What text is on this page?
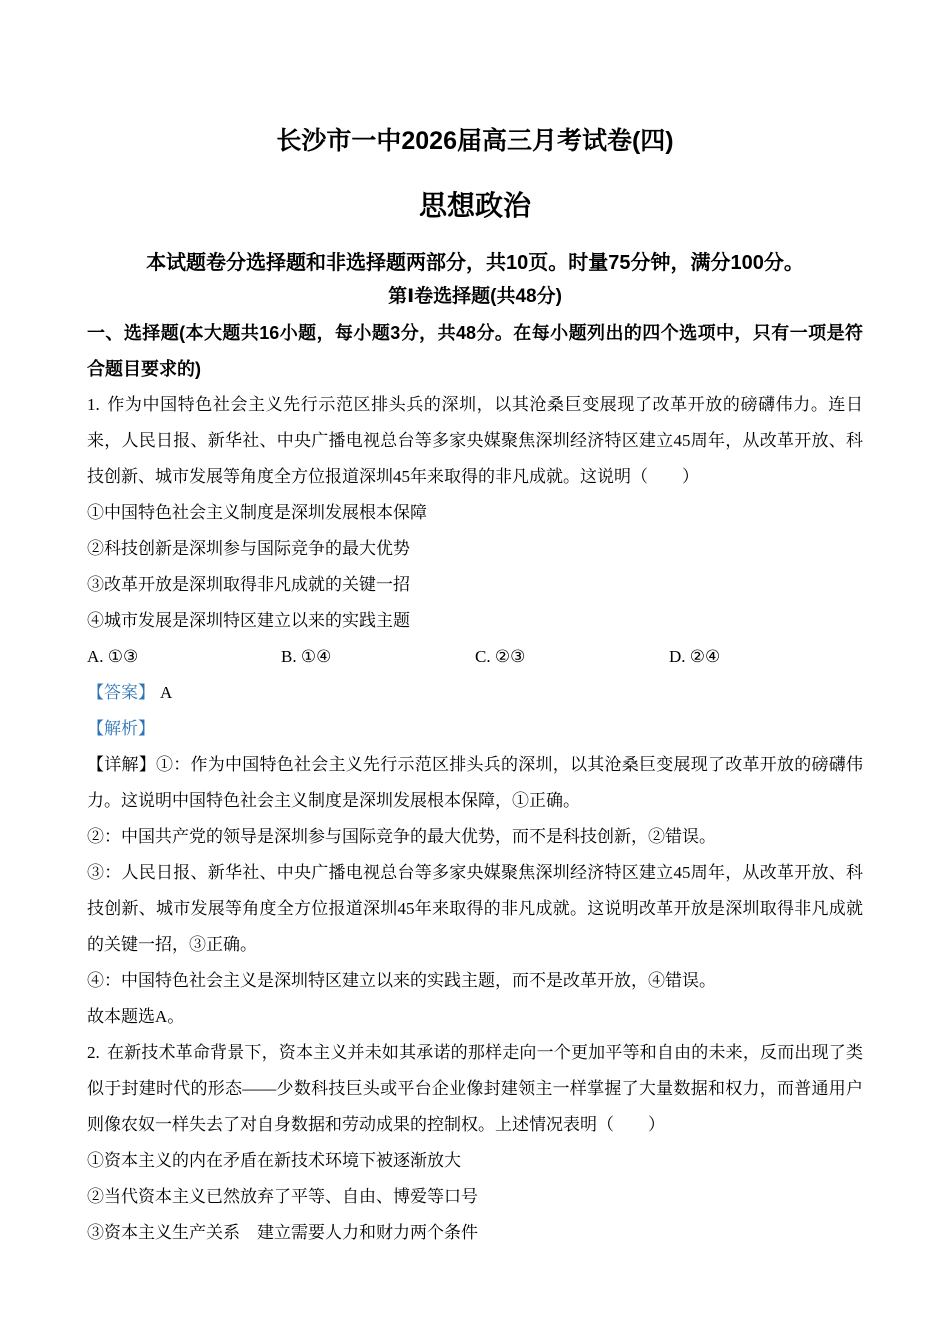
长沙市一中2026届高三月考试卷(四)
思想政治
本试题卷分选择题和非选择题两部分，共10页。时量75分钟，满分100分。
第Ⅰ卷选择题(共48分)

一、选择题(本大题共16小题，每小题3分，共48分。在每小题列出的四个选项中，只有一项是符合题目要求的)

1. 作为中国特色社会主义先行示范区排头兵的深圳，以其沧桑巨变展现了改革开放的磅礴伟力。连日来，人民日报、新华社、中央广播电视总台等多家央媒聚焦深圳经济特区建立45周年，从改革开放、科技创新、城市发展等角度全方位报道深圳45年来取得的非凡成就。这说明（　　）

①中国特色社会主义制度是深圳发展根本保障

②科技创新是深圳参与国际竞争的最大优势

③改革开放是深圳取得非凡成就的关键一招

④城市发展是深圳特区建立以来的实践主题

A. ①③	B. ①④	C. ②③	D. ②④

【答案】 A

【解析】

【详解】①：作为中国特色社会主义先行示范区排头兵的深圳，以其沧桑巨变展现了改革开放的磅礴伟力。这说明中国特色社会主义制度是深圳发展根本保障，①正确。

②：中国共产党的领导是深圳参与国际竞争的最大优势，而不是科技创新，②错误。

③：人民日报、新华社、中央广播电视总台等多家央媒聚焦深圳经济特区建立45周年，从改革开放、科技创新、城市发展等角度全方位报道深圳45年来取得的非凡成就。这说明改革开放是深圳取得非凡成就的关键一招，③正确。

④：中国特色社会主义是深圳特区建立以来的实践主题，而不是改革开放，④错误。

故本题选A。

2. 在新技术革命背景下，资本主义并未如其承诺的那样走向一个更加平等和自由的未来，反而出现了类似于封建时代的形态——少数科技巨头或平台企业像封建领主一样掌握了大量数据和权力，而普通用户则像农奴一样失去了对自身数据和劳动成果的控制权。上述情况表明（　　）

①资本主义的内在矛盾在新技术环境下被逐渐放大

②当代资本主义已然放弃了平等、自由、博爱等口号

③资本主义生产关系　建立需要人力和财力两个条件
